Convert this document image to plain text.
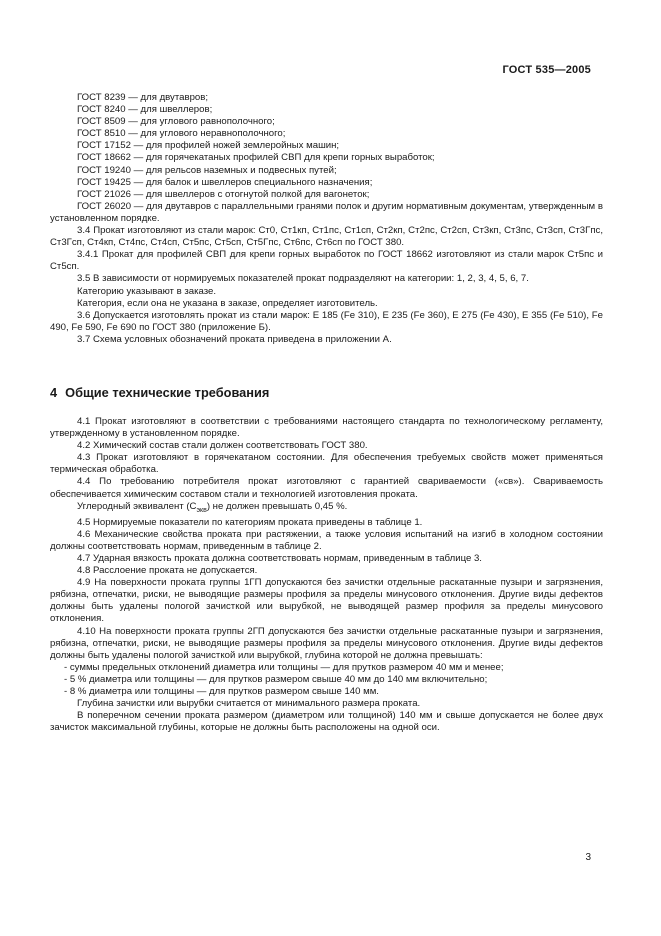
ГОСТ 535—2005
ГОСТ 8239 — для двутавров;
ГОСТ 8240 — для швеллеров;
ГОСТ 8509 — для углового равнополочного;
ГОСТ 8510 — для углового неравнополочного;
ГОСТ 17152 — для профилей ножей землеройных машин;
ГОСТ 18662 — для горячекатаных профилей СВП для крепи горных выработок;
ГОСТ 19240 — для рельсов наземных и подвесных путей;
ГОСТ 19425 — для балок и швеллеров специального назначения;
ГОСТ 21026 — для швеллеров с отогнутой полкой для вагонеток;
ГОСТ 26020 — для двутавров с параллельными гранями полок и другим нормативным документам, утвержденным в установленном порядке.

3.4 Прокат изготовляют из стали марок: Ст0, Ст1кп, Ст1пс, Ст1сп, Ст2кп, Ст2пс, Ст2сп, Ст3кп, Ст3пс, Ст3сп, Ст3Гпс, Ст3Гсп, Ст4кп, Ст4пс, Ст4сп, Ст5пс, Ст5сп, Ст5Гпс, Ст6пс, Ст6сп по ГОСТ 380.

3.4.1 Прокат для профилей СВП для крепи горных выработок по ГОСТ 18662 изготовляют из стали марок Ст5пс и Ст5сп.

3.5 В зависимости от нормируемых показателей прокат подразделяют на категории: 1, 2, 3, 4, 5, 6, 7.

Категорию указывают в заказе.

Категория, если она не указана в заказе, определяет изготовитель.

3.6 Допускается изготовлять прокат из стали марок: Е 185 (Fe 310), Е 235 (Fe 360), Е 275 (Fe 430), Е 355 (Fe 510), Fe 490, Fe 590, Fe 690 по ГОСТ 380 (приложение Б).

3.7 Схема условных обозначений проката приведена в приложении А.

4 Общие технические требования

4.1 Прокат изготовляют в соответствии с требованиями настоящего стандарта по технологическому регламенту, утвержденному в установленном порядке.

4.2 Химический состав стали должен соответствовать ГОСТ 380.

4.3 Прокат изготовляют в горячекатаном состоянии. Для обеспечения требуемых свойств может применяться термическая обработка.

4.4 По требованию потребителя прокат изготовляют с гарантией свариваемости («св»). Свариваемость обеспечивается химическим составом стали и технологией изготовления проката.

Углеродный эквивалент $(С_{экв})$ не должен превышать 0,45 %.

4.5 Нормируемые показатели по категориям проката приведены в таблице 1.

4.6 Механические свойства проката при растяжении, а также условия испытаний на изгиб в холодном состоянии должны соответствовать нормам, приведенным в таблице 2.

4.7 Ударная вязкость проката должна соответствовать нормам, приведенным в таблице 3.

4.8 Расслоение проката не допускается.

4.9 На поверхности проката группы 1ГП допускаются без зачистки отдельные раскатанные пузыри и загрязнения, рябизна, отпечатки, риски, не выводящие размеры профиля за пределы минусового отклонения. Другие виды дефектов должны быть удалены пологой зачисткой или вырубкой, не выводящей размер профиля за пределы минусового отклонения.

4.10 На поверхности проката группы 2ГП допускаются без зачистки отдельные раскатанные пузыри и загрязнения, рябизна, отпечатки, риски, не выводящие размеры профиля за пределы минусового отклонения. Другие виды дефектов должны быть удалены пологой зачисткой или вырубкой, глубина которой не должна превышать:

- суммы предельных отклонений диаметра или толщины — для прутков размером 40 мм и менее;

- 5 % диаметра или толщины — для прутков размером свыше 40 мм до 140 мм включительно;

- 8 % диаметра или толщины — для прутков размером свыше 140 мм.

Глубина зачистки или вырубки считается от минимального размера проката.

В поперечном сечении проката размером (диаметром или толщиной) 140 мм и свыше допускается не более двух зачисток максимальной глубины, которые не должны быть расположены на одной оси.

3
